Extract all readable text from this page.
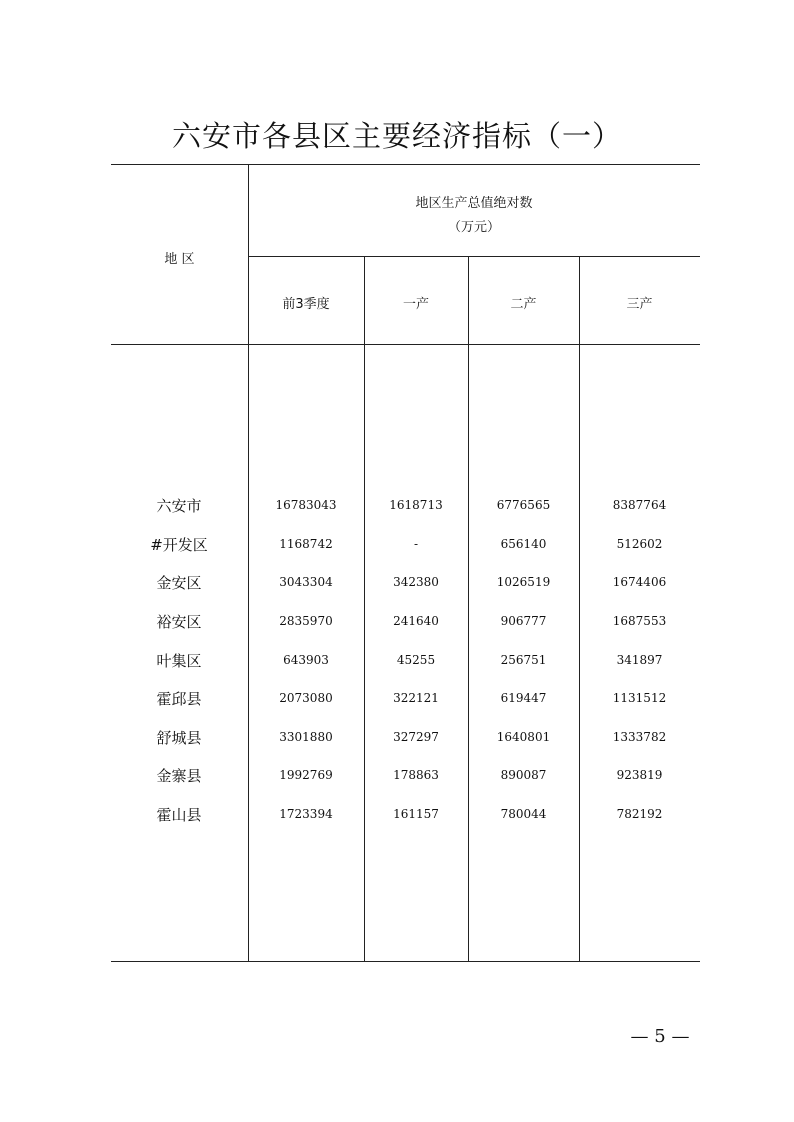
六安市各县区主要经济指标（一）
地 区
地区生产总值绝对数
（万元）
前3季度	一产	二产	三产
六安市	16783043	1618713	6776565	8387764
#开发区	1168742	-	656140	512602
金安区	3043304	342380	1026519	1674406
裕安区	2835970	241640	906777	1687553
叶集区	643903	45255	256751	341897
霍邱县	2073080	322121	619447	1131512
舒城县	3301880	327297	1640801	1333782
金寨县	1992769	178863	890087	923819
霍山县	1723394	161157	780044	782192
— 5 —
